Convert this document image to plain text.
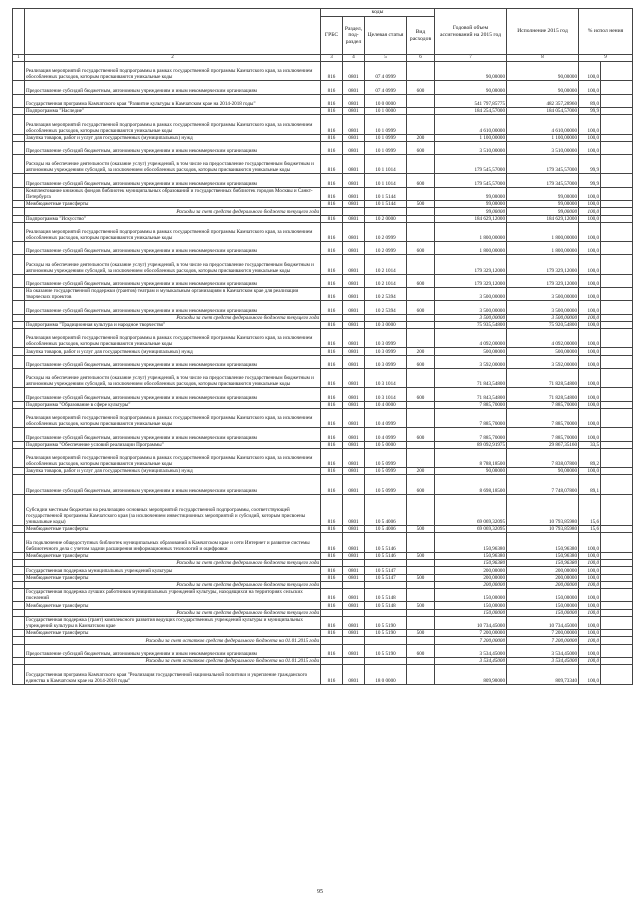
		коды				Годовой объем ассигнований на 2015 год	Исполнение 2015 год	% испол нения	
		ГРБС	Раздел, под-раздел	Целевая статья	Вид расходов				
1	2	3	4	5	6	7	8	9	
	Реализация мероприятий государственной подпрограммы в рамках государственной программы Камчатского края, за исключением обособленных расходов, которым присваиваются уникальные коды	816	0801	07 4 0999		90,00000	90,00000	100,0	
	Предоставление субсидий бюджетным, автономным учреждениям и иным некоммерческим организациям	816	0801	07 4 0999	600	90,00000	90,00000	100,0	
	Государственная программа Камчатского края "Развитие культуры в Камчатском крае на 2014-2018 годы"	816	0801	10 0 0000		541 797,85775	482 357,28960	89,0	
	Подпрограмма "Наследие"	816	0801	10 1 0000		184 254,57000	184 054,57000	99,9	
	Реализация мероприятий государственной подпрограммы в рамках государственной программы Камчатского края, за исключением обособленных расходов, которым присваиваются уникальные коды	816	0801	10 1 0999		4 610,00000	4 610,00000	100,0	
	Закупка товаров, работ и услуг для государственных (муниципальных) нужд	816	0801	10 1 0999	200	1 100,00000	1 100,00000	100,0	
	Предоставление субсидий бюджетным, автономным учреждениям и иным некоммерческим организациям	816	0801	10 1 0999	600	3 510,00000	3 510,00000	100,0	
	Расходы на обеспечение деятельности (оказание услуг) учреждений, в том числе на предоставление государственным бюджетным и автономным учреждениям субсидий, за исключением обособленных расходов, которым присваиваются уникальные коды	816	0801	10 1 1014		179 545,57000	179 345,57000	99,9	
	Предоставление субсидий бюджетным, автономным учреждениям и иным некоммерческим организациям	816	0801	10 1 1014	600	179 545,57000	179 345,57000	99,9	
	Комплектование книжных фондов библиотек муниципальных образований и государственных библиотек городов Москвы и Санкт-Петербурга	816	0801	10 1 5144		99,00000	99,00000	100,0	
	Межбюджетные трансферты	816	0801	10 1 5144	500	99,00000	99,00000	100,0	
	Расходы за счет средств федерального бюджета текущего года					99,00000	99,00000	100,0	
	Подпрограмма "Искусство"	816	0801	10 2 0000		184 629,12000	184 629,12000	100,0	
	Реализация мероприятий государственной подпрограммы в рамках государственной программы Камчатского края, за исключением обособленных расходов, которым присваиваются уникальные коды	816	0801	10 2 0999		1 800,00000	1 800,00000	100,0	
	Предоставление субсидий бюджетным, автономным учреждениям и иным некоммерческим организациям	816	0801	10 2 0999	600	1 800,00000	1 800,00000	100,0	
	Расходы на обеспечение деятельности (оказание услуг) учреждений, в том числе на предоставление государственным бюджетным и автономным учреждениям субсидий, за исключением обособленных расходов, которым присваиваются уникальные коды	816	0801	10 2 1014		179 329,12000	179 329,12000	100,0	
	Предоставление субсидий бюджетным, автономным учреждениям и иным некоммерческим организациям	816	0801	10 2 1014	600	179 329,12000	179 329,12000	100,0	
	На оказание государственной поддержки (грантов) театрам и музыкальным организациям в Камчатском крае для реализации творческих проектов	816	0801	10 2 5394		3 500,00000	3 500,00000	100,0	
	Предоставление субсидий бюджетным, автономным учреждениям и иным некоммерческим организациям	816	0801	10 2 5394	600	3 500,00000	3 500,00000	100,0	
	Расходы за счет средств федерального бюджета текущего года					3 500,00000	3 500,00000	100,0	
	Подпрограмма "Традиционная культура и народное творчество"	816	0801	10 3 0000		75 935,54800	75 920,54800	100,0	
	Реализация мероприятий государственной подпрограммы в рамках государственной программы Камчатского края, за исключением обособленных расходов, которым присваиваются уникальные коды	816	0801	10 3 0999		4 092,00000	4 092,00000	100,0	
	Закупка товаров, работ и услуг для государственных (муниципальных) нужд	816	0801	10 3 0999	200	500,00000	500,00000	100,0	
	Предоставление субсидий бюджетным, автономным учреждениям и иным некоммерческим организациям	816	0801	10 3 0999	600	3 592,00000	3 592,00000	100,0	
	Расходы на обеспечение деятельности (оказание услуг) учреждений, в том числе на предоставление государственным бюджетным и автономным учреждениям субсидий, за исключением обособленных расходов, которым присваиваются уникальные коды	816	0801	10 3 1014		71 843,54800	71 828,54800	100,0	
	Предоставление субсидий бюджетным, автономным учреждениям и иным некоммерческим организациям	816	0801	10 3 1014	600	71 843,54800	71 828,54800	100,0	
	Подпрограмма "Образование в сфере культуры"	816	0801	10 4 0000		7 885,70000	7 885,70000	100,0	
	Реализация мероприятий государственной подпрограммы в рамках государственной программы Камчатского края, за исключением обособленных расходов, которым присваиваются уникальные коды	816	0801	10 4 0999		7 885,70000	7 885,70000	100,0	
	Предоставление субсидий бюджетным, автономным учреждениям и иным некоммерческим организациям	816	0801	10 4 0999	600	7 885,70000	7 885,70000	100,0	
	Подпрограмма "Обеспечение условий реализации Программы"	816	0801	10 5 0000		89 092,91975	29 867,35160	33,5	
	Реализация мероприятий государственной подпрограммы в рамках государственной программы Камчатского края, за исключением обособленных расходов, которым присваиваются уникальные коды	816	0801	10 5 0999		8 788,18500	7 838,07800	89,2	
	Закупка товаров, работ и услуг для государственных (муниципальных) нужд	816	0801	10 5 0999	200	90,00000	90,00000	100,0	
	Предоставление субсидий бюджетным, автономным учреждениям и иным некоммерческим организациям	816	0801	10 5 0999	600	8 698,18500	7 748,07800	89,1	
	Субсидии местным бюджетам на реализацию основных мероприятий государственной подпрограммы, соответствующей государственной программы Камчатского края (за исключением инвестиционных мероприятий и субсидий, которым присвоены уникальные коды)	816	0801	10 5 4006		69 069,32095	10 793,85980	15,6	
	Межбюджетные трансферты	816	0801	10 5 4006	500	69 069,32095	10 793,85980	15,6	
	На подключение общедоступных библиотек муниципальных образований в Камчатском крае и сети Интернет и развитие системы библиотечного дела с учетом задачи расширения информационных технологий и оцифровки	816	0801	10 5 5146		150,96380	150,96380	100,0	
	Межбюджетные трансферты	816	0801	10 5 5146	500	150,96380	150,96380	100,0	
	Расходы за счет средств федерального бюджета текущего года					150,96380	150,96380	100,0	
	Государственная поддержка муниципальных учреждений культуры	816	0801	10 5 5147		200,00000	200,00000	100,0	
	Межбюджетные трансферты	816	0801	10 5 5147	500	200,00000	200,00000	100,0	
	Расходы за счет средств федерального бюджета текущего года					200,00000	200,00000	100,0	
	Государственная поддержка лучших работников муниципальных учреждений культуры, находящихся на территориях сельских поселений	816	0801	10 5 5148		150,00000	150,00000	100,0	
	Межбюджетные трансферты	816	0801	10 5 5148	500	150,00000	150,00000	100,0	
	Расходы за счет средств федерального бюджета текущего года					150,00000	150,00000	100,0	
	Государственная поддержка (грант) комплексного развития ведущих государственных учреждений культуры и муниципальных учреждений культуры в Камчатском крае	816	0801	10 5 5190		10 734,45000	10 734,45000	100,0	
	Межбюджетные трансферты	816	0801	10 5 5190	500	7 200,00000	7 200,00000	100,0	
	Расходы за счет остатков средств федерального бюджета на 01.01.2015 года					7 200,00000	7 200,00000	100,0	
	Предоставление субсидий бюджетным, автономным учреждениям и иным некоммерческим организациям	816	0801	10 5 5190	600	3 534,45000	3 534,45000	100,0	
	Расходы за счет остатков средств федерального бюджета на 01.01.2015 года					3 534,45000	3 534,45000	100,0	
	Государственная программа Камчатского края "Реализация государственной национальной политики и укрепление гражданского единства в Камчатском крае на 2014-2018 годы"	816	0801	18 0 0000		809,90000	809,73340	100,0	
95
